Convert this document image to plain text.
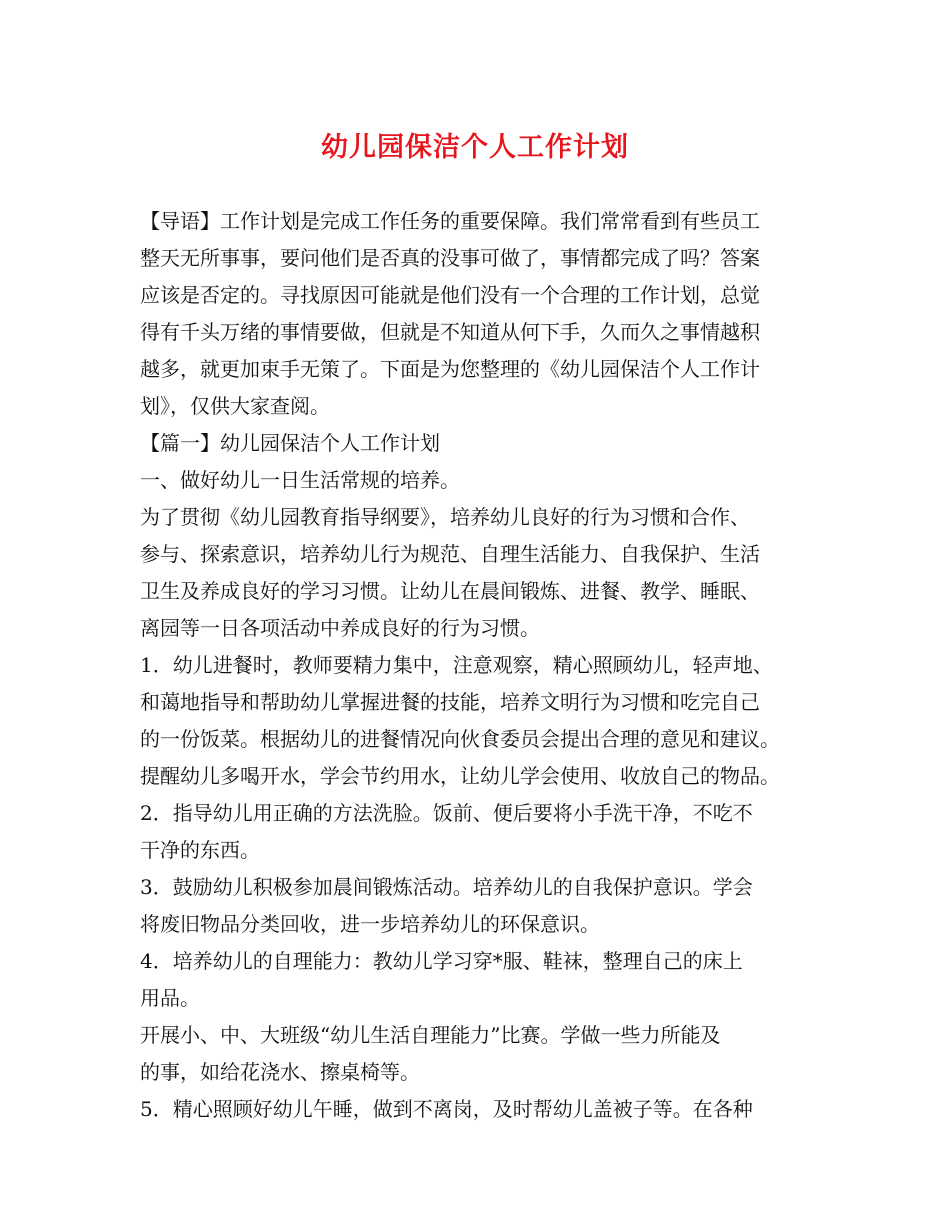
幼儿园保洁个人工作计划
【导语】工作计划是完成工作任务的重要保障。我们常常看到有些员工
整天无所事事，要问他们是否真的没事可做了，事情都完成了吗？答案
应该是否定的。寻找原因可能就是他们没有一个合理的工作计划，总觉
得有千头万绪的事情要做，但就是不知道从何下手，久而久之事情越积
越多，就更加束手无策了。下面是为您整理的《幼儿园保洁个人工作计
划》，仅供大家查阅。
【篇一】幼儿园保洁个人工作计划
一、做好幼儿一日生活常规的培养。
为了贯彻《幼儿园教育指导纲要》，培养幼儿良好的行为习惯和合作、
参与、探索意识，培养幼儿行为规范、自理生活能力、自我保护、生活
卫生及养成良好的学习习惯。让幼儿在晨间锻炼、进餐、教学、睡眠、
离园等一日各项活动中养成良好的行为习惯。
1．幼儿进餐时，教师要精力集中，注意观察，精心照顾幼儿，轻声地、
和蔼地指导和帮助幼儿掌握进餐的技能，培养文明行为习惯和吃完自己
的一份饭菜。根据幼儿的进餐情况向伙食委员会提出合理的意见和建议。
提醒幼儿多喝开水，学会节约用水，让幼儿学会使用、收放自己的物品。
2．指导幼儿用正确的方法洗脸。饭前、便后要将小手洗干净，不吃不
干净的东西。
3．鼓励幼儿积极参加晨间锻炼活动。培养幼儿的自我保护意识。学会
将废旧物品分类回收，进一步培养幼儿的环保意识。
4．培养幼儿的自理能力：教幼儿学习穿*服、鞋袜，整理自己的床上
用品。
开展小、中、大班级“幼儿生活自理能力”比赛。学做一些力所能及
的事，如给花浇水、擦桌椅等。
5．精心照顾好幼儿午睡，做到不离岗，及时帮幼儿盖被子等。在各种
